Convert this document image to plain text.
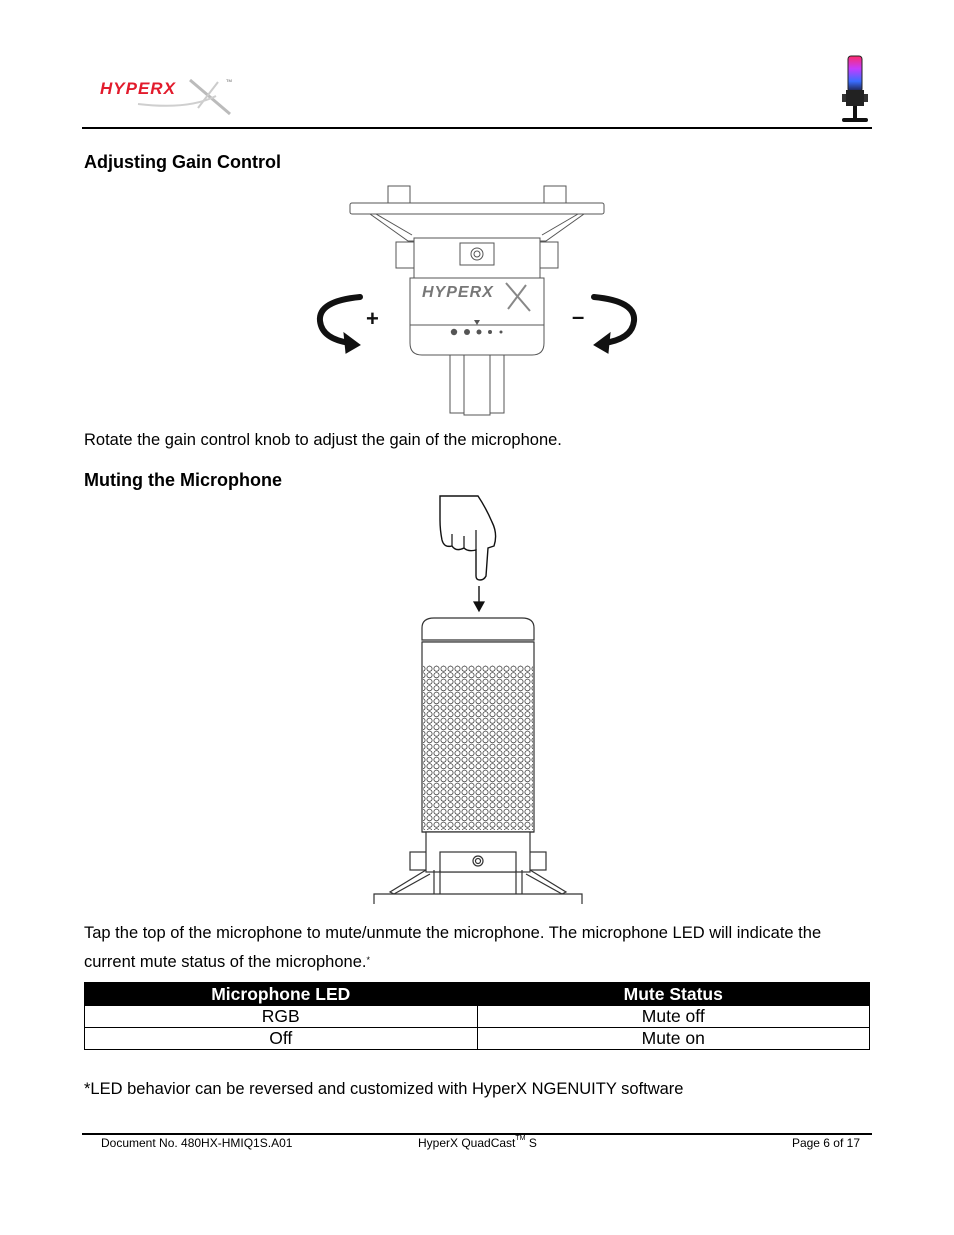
HYPERX	TM
Adjusting Gain Control
HYPERX
+	–
Rotate the gain control knob to adjust the gain of the microphone.
Muting the Microphone
Tap the top of the microphone to mute/unmute the microphone. The microphone LED will indicate the current mute status of the microphone.*
Microphone LED	Mute Status
RGB	Mute off
Off	Mute on
*LED behavior can be reversed and customized with HyperX NGENUITY software
Document No. 480HX-HMIQ1S.A01	HyperX QuadCast™ S	Page 6 of 17
